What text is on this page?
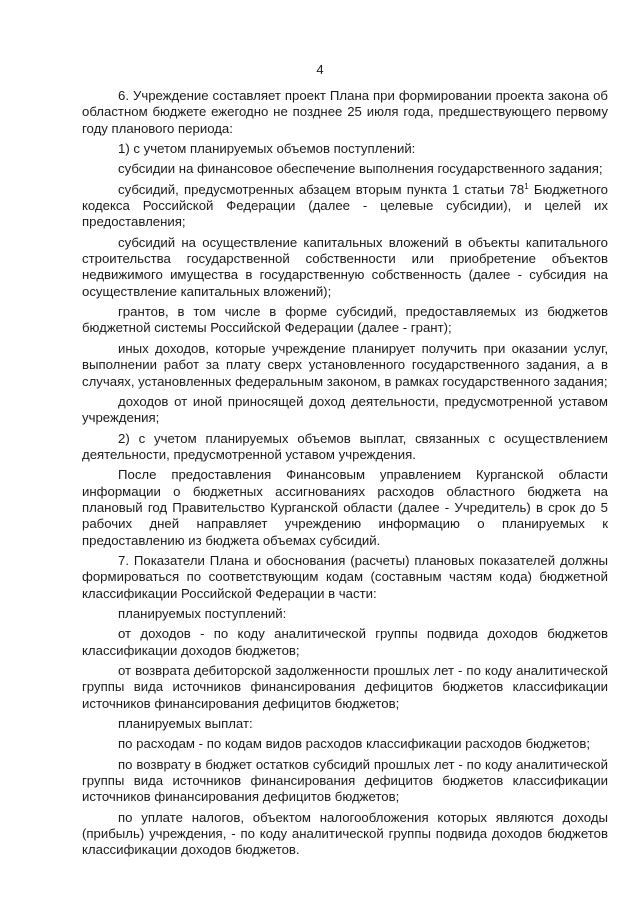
4

6. Учреждение составляет проект Плана при формировании проекта закона об областном бюджете ежегодно не позднее 25 июля года, предшествующего первому году планового периода:

1) с учетом планируемых объемов поступлений:

субсидии на финансовое обеспечение выполнения государственного задания;

субсидий, предусмотренных абзацем вторым пункта 1 статьи $78^1$ Бюджетного кодекса Российской Федерации (далее - целевые субсидии), и целей их предоставления;

субсидий на осуществление капитальных вложений в объекты капитального строительства государственной собственности или приобретение объектов недвижимого имущества в государственную собственность (далее - субсидия на осуществление капитальных вложений);

грантов, в том числе в форме субсидий, предоставляемых из бюджетов бюджетной системы Российской Федерации (далее - грант);

иных доходов, которые учреждение планирует получить при оказании услуг, выполнении работ за плату сверх установленного государственного задания, а в случаях, установленных федеральным законом, в рамках государственного задания;

доходов от иной приносящей доход деятельности, предусмотренной уставом учреждения;

2) с учетом планируемых объемов выплат, связанных с осуществлением деятельности, предусмотренной уставом учреждения.

После предоставления Финансовым управлением Курганской области информации о бюджетных ассигнованиях расходов областного бюджета на плановый год Правительство Курганской области (далее - Учредитель) в срок до 5 рабочих дней направляет учреждению информацию о планируемых к предоставлению из бюджета объемах субсидий.

7. Показатели Плана и обоснования (расчеты) плановых показателей должны формироваться по соответствующим кодам (составным частям кода) бюджетной классификации Российской Федерации в части:

планируемых поступлений:

от доходов - по коду аналитической группы подвида доходов бюджетов классификации доходов бюджетов;

от возврата дебиторской задолженности прошлых лет - по коду аналитической группы вида источников финансирования дефицитов бюджетов классификации источников финансирования дефицитов бюджетов;

планируемых выплат:

по расходам - по кодам видов расходов классификации расходов бюджетов;

по возврату в бюджет остатков субсидий прошлых лет - по коду аналитической группы вида источников финансирования дефицитов бюджетов классификации источников финансирования дефицитов бюджетов;

по уплате налогов, объектом налогообложения которых являются доходы (прибыль) учреждения, - по коду аналитической группы подвида доходов бюджетов классификации доходов бюджетов.
